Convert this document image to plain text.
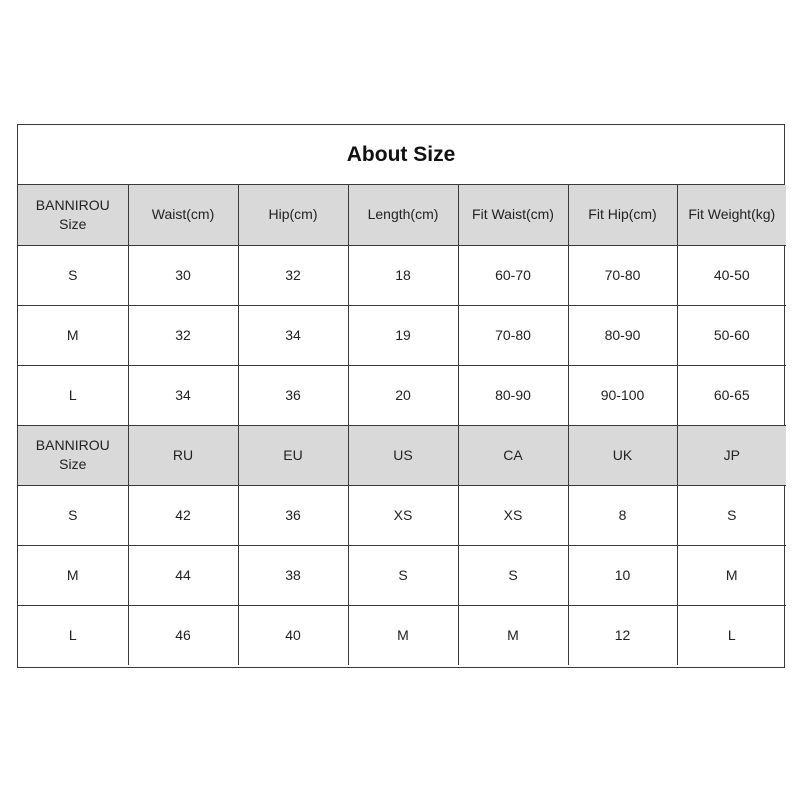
About Size
BANNIROU
Size	Waist(cm)	Hip(cm)	Length(cm)	Fit Waist(cm)	Fit Hip(cm)	Fit Weight(kg)
S	30	32	18	60-70	70-80	40-50
M	32	34	19	70-80	80-90	50-60
L	34	36	20	80-90	90-100	60-65
BANNIROU
Size	RU	EU	US	CA	UK	JP
S	42	36	XS	XS	8	S
M	44	38	S	S	10	M
L	46	40	M	M	12	L
